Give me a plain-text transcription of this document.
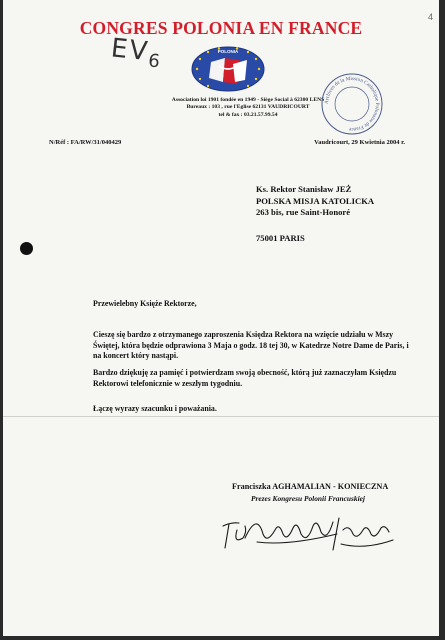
CONGRES POLONIA EN FRANCE
4
$EV_6$	POLONIA
Association loi 1901 fondée en 1949 - Siège Social à 62300 LENS
Bureaux : 103 , rue l'Eglise 62131 VAUDRICOURT
tel & fax : 03.21.57.99.54
Archives de la Mission Catholique Polonaise de France
N/Réf : FA/RW/31/040429	Vaudricourt, 29 Kwietnia 2004 r.
Ks. Rektor Stanisław JEŻ
POLSKA MISJA KATOLICKA
263 bis, rue Saint-Honoré
75001 PARIS
Przewielebny Księże Rektorze,
Cieszę się bardzo z otrzymanego zaproszenia Księdza Rektora na wzięcie udziału w Mszy Świętej, która będzie odprawiona 3 Maja o godz. 18 tej 30, w Katedrze Notre Dame de Paris, i na koncert który nastąpi.
Bardzo dziękuję za pamięć i potwierdzam swoją obecność, którą już zaznaczyłam Księdzu Rektorowi telefonicznie w zeszłym tygodniu.
Łączę wyrazy szacunku i poważania.
Franciszka AGHAMALIAN - KONIECZNA
Prezes Kongresu Polonii Francuskiej
